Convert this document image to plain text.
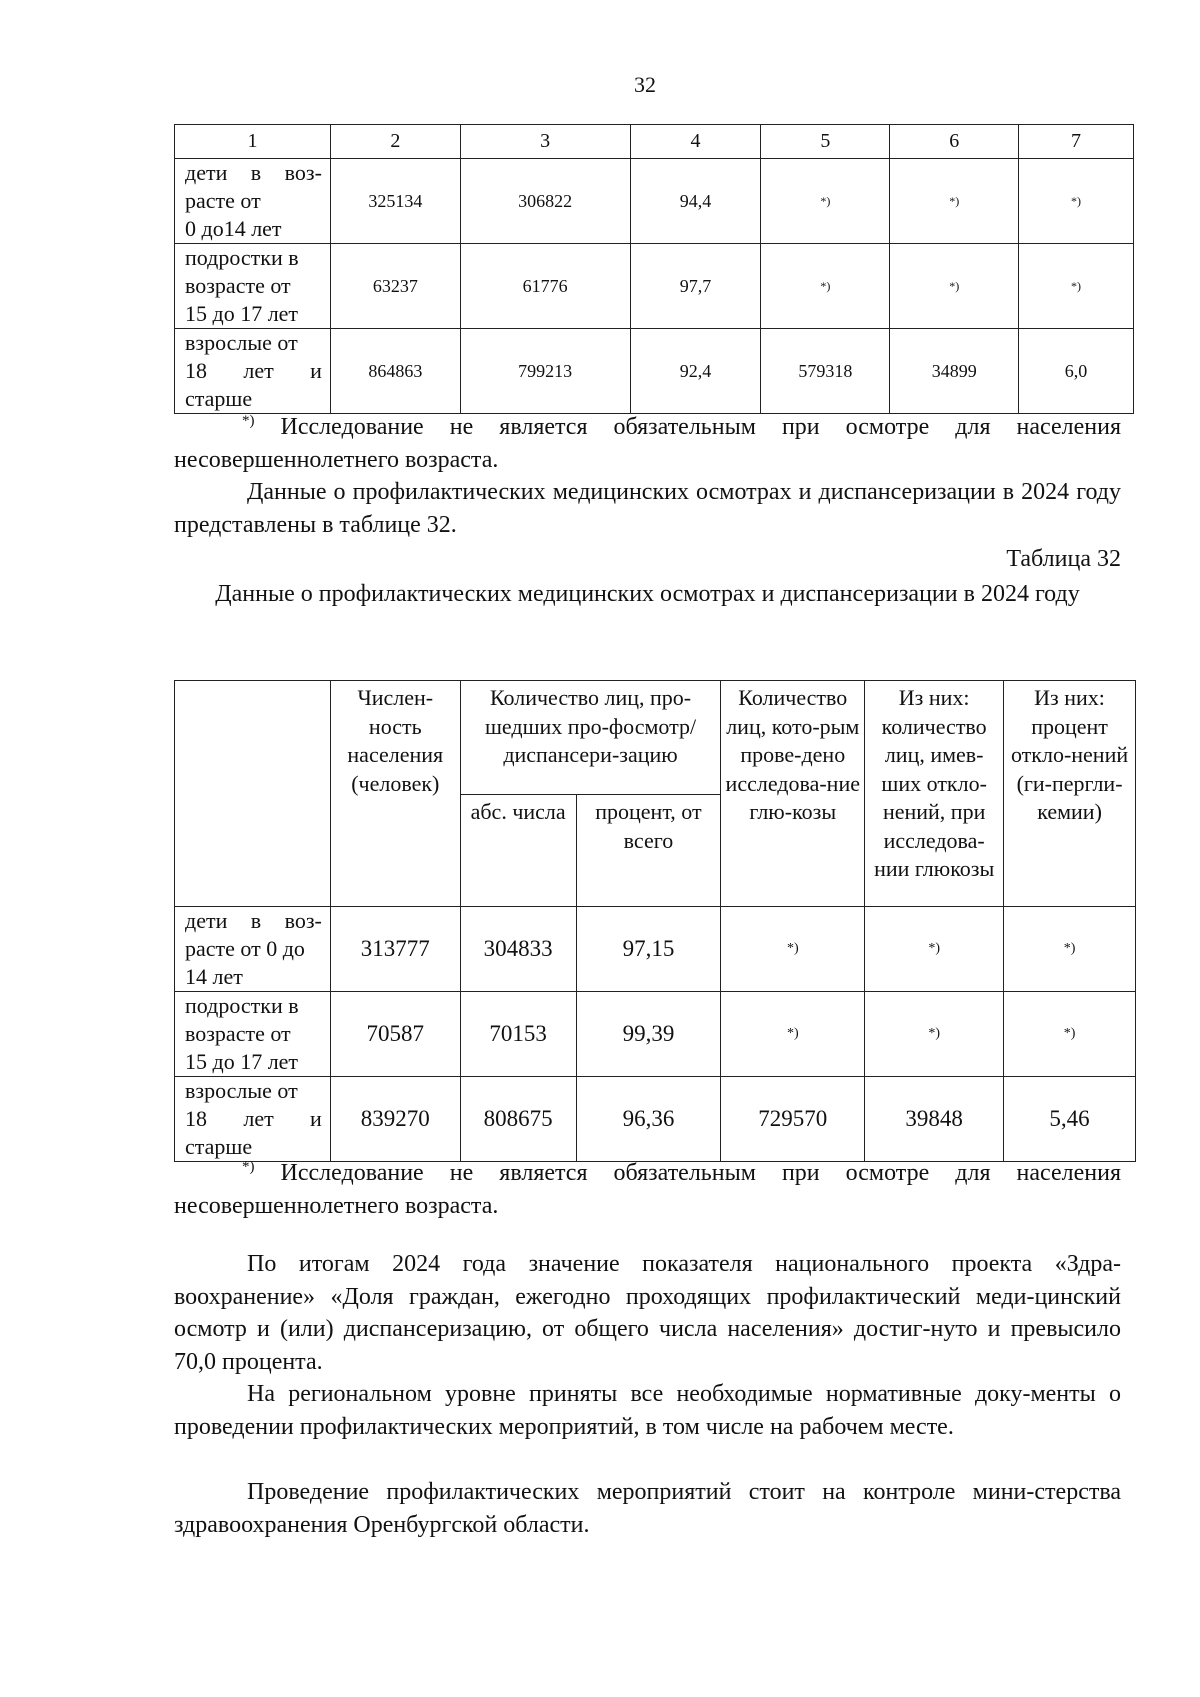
32
1	2	3	4	5	6	7

дети в воз-
расте от
0 до14 лет	325134	306822	94,4	*)	*)	*)

подростки в
возрасте от
15 до 17 лет	63237	61776	97,7	*)	*)	*)

взрослые от
18 лет и
старше	864863	799213	92,4	579318	34899	6,0

*) Исследование не является обязательным при осмотре для населения несовершеннолетнего возраста.

Данные о профилактических медицинских осмотрах и диспансеризации в 2024 году представлены в таблице 32.

Таблица 32
Данные о профилактических медицинских осмотрах и диспансеризации в 2024 году
	Числен-ность населения (человек)	Количество лиц, про-шедших про-фосмотр/диспансери-зацию		Количество лиц, кото-рым прове-дено исследова-ние глю-козы	Из них: количество лиц, имев-ших откло-нений, при исследова-нии глюкозы	Из них: процент откло-нений (ги-пергли-кемии)
		абс. числа	процент, от всего			

дети в воз-
расте от 0 до
14 лет	313777	304833	97,15	*)	*)	*)

подростки в
возрасте от
15 до 17 лет	70587	70153	99,39	*)	*)	*)

взрослые от
18 лет и
старше	839270	808675	96,36	729570	39848	5,46

*) Исследование не является обязательным при осмотре для населения несовершеннолетнего возраста.

По итогам 2024 года значение показателя национального проекта «Здра-воохранение» «Доля граждан, ежегодно проходящих профилактический меди-цинский осмотр и (или) диспансеризацию, от общего числа населения» достиг-нуто и превысило 70,0 процента.

На региональном уровне приняты все необходимые нормативные доку-менты о проведении профилактических мероприятий, в том числе на рабочем месте.

Проведение профилактических мероприятий стоит на контроле мини-стерства здравоохранения Оренбургской области.
